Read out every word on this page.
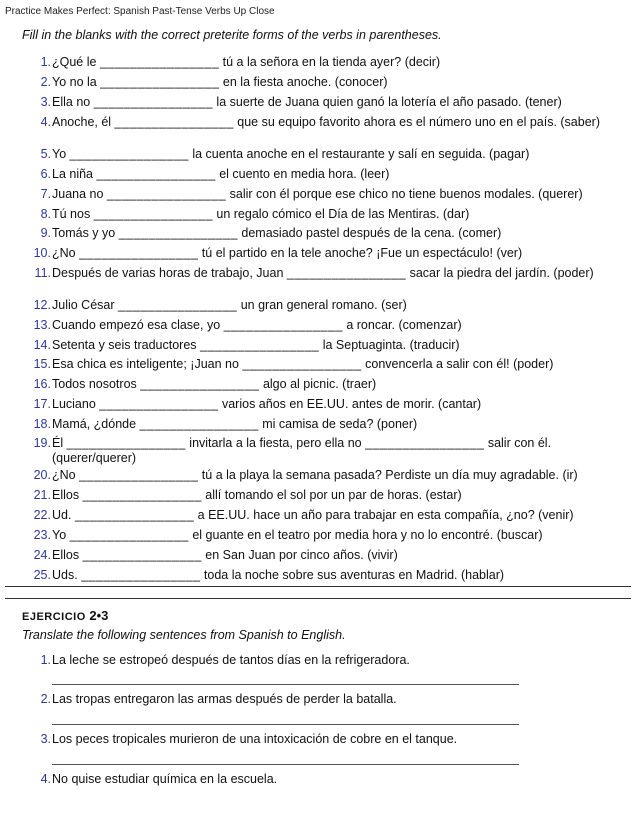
Practice Makes Perfect: Spanish Past-Tense Verbs Up Close
Fill in the blanks with the correct preterite forms of the verbs in parentheses.
1. ¿Qué le ________________ tú a la señora en la tienda ayer? (decir)
2. Yo no la ________________ en la fiesta anoche. (conocer)
3. Ella no ________________ la suerte de Juana quien ganó la lotería el año pasado. (tener)
4. Anoche, él ________________ que su equipo favorito ahora es el número uno en el país. (saber)
5. Yo ________________ la cuenta anoche en el restaurante y salí en seguida. (pagar)
6. La niña ________________ el cuento en media hora. (leer)
7. Juana no ________________ salir con él porque ese chico no tiene buenos modales. (querer)
8. Tú nos ________________ un regalo cómico el Día de las Mentiras. (dar)
9. Tomás y yo ________________ demasiado pastel después de la cena. (comer)
10. ¿No ________________ tú el partido en la tele anoche? ¡Fue un espectáculo! (ver)
11. Después de varias horas de trabajo, Juan ________________ sacar la piedra del jardín. (poder)
12. Julio César ________________ un gran general romano. (ser)
13. Cuando empezó esa clase, yo ________________ a roncar. (comenzar)
14. Setenta y seis traductores ________________ la Septuaginta. (traducir)
15. Esa chica es inteligente; ¡Juan no ________________ convencerla a salir con él! (poder)
16. Todos nosotros ________________ algo al picnic. (traer)
17. Luciano ________________ varios años en EE.UU. antes de morir. (cantar)
18. Mamá, ¿dónde ________________ mi camisa de seda? (poner)
19. Él ________________ invitarla a la fiesta, pero ella no ________________ salir con él. (querer/querer)
20. ¿No ________________ tú a la playa la semana pasada? Perdiste un día muy agradable. (ir)
21. Ellos ________________ allí tomando el sol por un par de horas. (estar)
22. Ud. ________________ a EE.UU. hace un año para trabajar en esta compañía, ¿no? (venir)
23. Yo ________________ el guante en el teatro por media hora y no lo encontré. (buscar)
24. Ellos ________________ en San Juan por cinco años. (vivir)
25. Uds. ________________ toda la noche sobre sus aventuras en Madrid. (hablar)
EJERCICIO 2•3
Translate the following sentences from Spanish to English.
1. La leche se estropeó después de tantos días en la refrigeradora.
2. Las tropas entregaron las armas después de perder la batalla.
3. Los peces tropicales murieron de una intoxicación de cobre en el tanque.
4. No quise estudiar química en la escuela.
